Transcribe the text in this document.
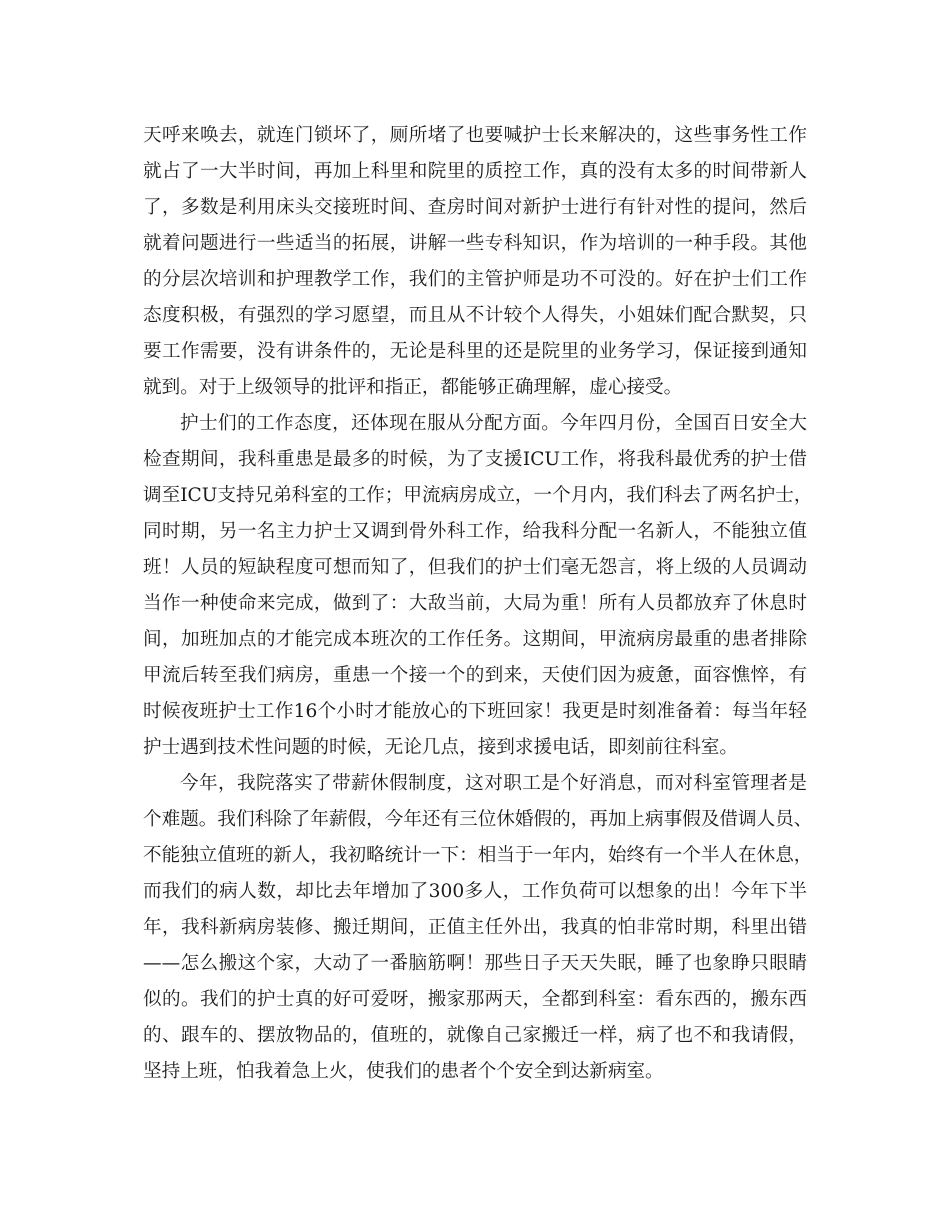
天呼来唤去，就连门锁坏了，厕所堵了也要喊护士长来解决的，这些事务性工作
就占了一大半时间，再加上科里和院里的质控工作，真的没有太多的时间带新人
了，多数是利用床头交接班时间、查房时间对新护士进行有针对性的提问，然后
就着问题进行一些适当的拓展，讲解一些专科知识，作为培训的一种手段。其他
的分层次培训和护理教学工作，我们的主管护师是功不可没的。好在护士们工作
态度积极，有强烈的学习愿望，而且从不计较个人得失，小姐妹们配合默契，只
要工作需要，没有讲条件的，无论是科里的还是院里的业务学习，保证接到通知
就到。对于上级领导的批评和指正，都能够正确理解，虚心接受。
护士们的工作态度，还体现在服从分配方面。今年四月份，全国百日安全大
检查期间，我科重患是最多的时候，为了支援ICU工作，将我科最优秀的护士借
调至ICU支持兄弟科室的工作；甲流病房成立，一个月内，我们科去了两名护士，
同时期，另一名主力护士又调到骨外科工作，给我科分配一名新人，不能独立值
班！人员的短缺程度可想而知了，但我们的护士们毫无怨言，将上级的人员调动
当作一种使命来完成，做到了：大敌当前，大局为重！所有人员都放弃了休息时
间，加班加点的才能完成本班次的工作任务。这期间，甲流病房最重的患者排除
甲流后转至我们病房，重患一个接一个的到来，天使们因为疲惫，面容憔悴，有
时候夜班护士工作16个小时才能放心的下班回家！我更是时刻准备着：每当年轻
护士遇到技术性问题的时候，无论几点，接到求援电话，即刻前往科室。
今年，我院落实了带薪休假制度，这对职工是个好消息，而对科室管理者是
个难题。我们科除了年薪假，今年还有三位休婚假的，再加上病事假及借调人员、
不能独立值班的新人，我初略统计一下：相当于一年内，始终有一个半人在休息，
而我们的病人数，却比去年增加了300多人，工作负荷可以想象的出！今年下半
年，我科新病房装修、搬迁期间，正值主任外出，我真的怕非常时期，科里出错
——怎么搬这个家，大动了一番脑筋啊！那些日子天天失眠，睡了也象睁只眼睛
似的。我们的护士真的好可爱呀，搬家那两天，全都到科室：看东西的，搬东西
的、跟车的、摆放物品的，值班的，就像自己家搬迁一样，病了也不和我请假，
坚持上班，怕我着急上火，使我们的患者个个安全到达新病室。
